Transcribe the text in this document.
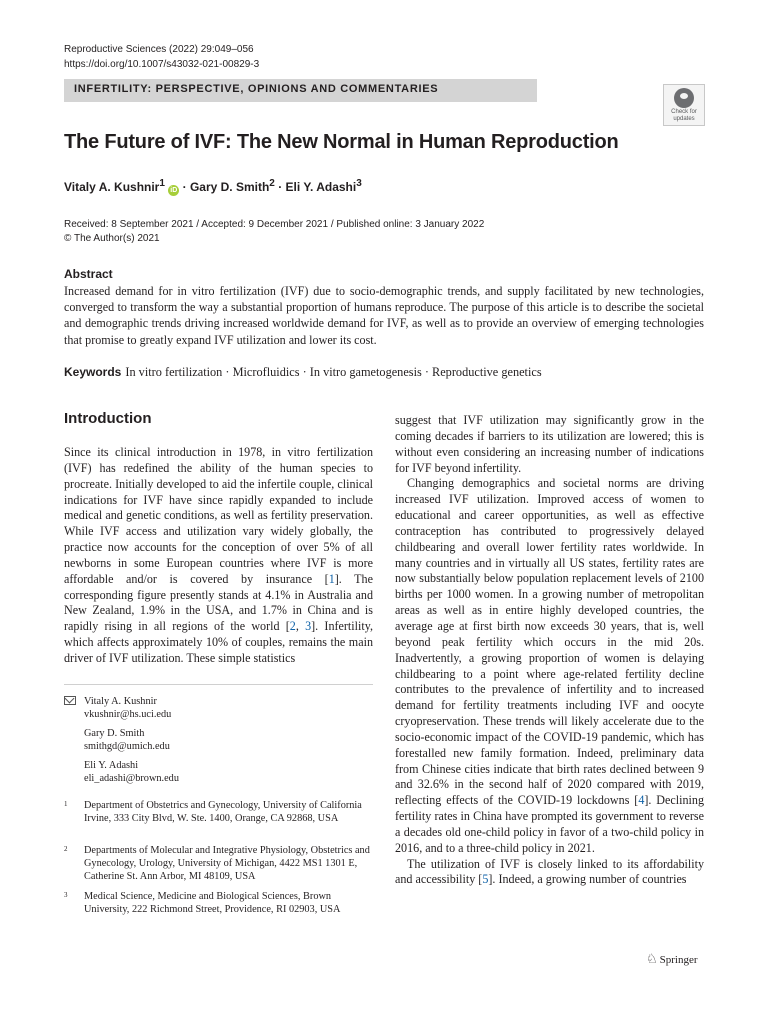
Reproductive Sciences (2022) 29:049–056
https://doi.org/10.1007/s43032-021-00829-3
INFERTILITY: PERSPECTIVE, OPINIONS AND COMMENTARIES
Check for
updates
The Future of IVF: The New Normal in Human Reproduction
Vitaly A. Kushnir$^1$ iD · Gary D. Smith$^2$ · Eli Y. Adashi$^3$
Received: 8 September 2021 / Accepted: 9 December 2021 / Published online: 3 January 2022
© The Author(s) 2021
Abstract

Increased demand for in vitro fertilization (IVF) due to socio-demographic trends, and supply facilitated by new technologies, converged to transform the way a substantial proportion of humans reproduce. The purpose of this article is to describe the societal and demographic trends driving increased worldwide demand for IVF, as well as to provide an overview of emerging technologies that promise to greatly expand IVF utilization and lower its cost.

Keywords In vitro fertilization · Microfluidics · In vitro gametogenesis · Reproductive genetics
Introduction

Since its clinical introduction in 1978, in vitro fertilization (IVF) has redefined the ability of the human species to procreate. Initially developed to aid the infertile couple, clinical indications for IVF have since rapidly expanded to include medical and genetic conditions, as well as fertility preservation. While IVF access and utilization vary widely globally, the practice now accounts for the conception of over 5% of all newborns in some European countries where IVF is more affordable and/or is covered by insurance [1]. The corresponding figure presently stands at 4.1% in Australia and New Zealand, 1.9% in the USA, and 1.7% in China and is rapidly rising in all regions of the world [2, 3]. Infertility, which affects approximately 10% of couples, remains the main driver of IVF utilization. These simple statistics

suggest that IVF utilization may significantly grow in the coming decades if barriers to its utilization are lowered; this is without even considering an increasing number of indications for IVF beyond infertility.

Changing demographics and societal norms are driving increased IVF utilization. Improved access of women to educational and career opportunities, as well as effective contraception has contributed to progressively delayed childbearing and overall lower fertility rates worldwide. In many countries and in virtually all US states, fertility rates are now substantially below population replacement levels of 2100 births per 1000 women. In a growing number of metropolitan areas as well as in entire highly developed countries, the average age at first birth now exceeds 30 years, that is, well beyond peak fertility which occurs in the mid 20s. Inadvertently, a growing proportion of women is delaying childbearing to a point where age-related fertility decline contributes to the prevalence of infertility and to increased demand for fertility treatments including IVF and oocyte cryopreservation. These trends will likely accelerate due to the socio-economic impact of the COVID-19 pandemic, which has forestalled new family formation. Indeed, preliminary data from Chinese cities indicate that birth rates declined between 9 and 32.6% in the second half of 2020 compared with 2019, reflecting effects of the COVID-19 lockdowns [4]. Declining fertility rates in China have prompted its government to reverse a decades old one-child policy in favor of a two-child policy in 2016, and to a three-child policy in 2021.

The utilization of IVF is closely linked to its affordability and accessibility [5]. Indeed, a growing number of countries

Vitaly A. Kushnir
vkushnir@hs.uci.edu
Gary D. Smith
smithgd@umich.edu
Eli Y. Adashi
eli_adashi@brown.edu
1 Department of Obstetrics and Gynecology, University of California Irvine, 333 City Blvd, W. Ste. 1400, Orange, CA 92868, USA
2 Departments of Molecular and Integrative Physiology, Obstetrics and Gynecology, Urology, University of Michigan, 4422 MS1 1301 E, Catherine St. Ann Arbor, MI 48109, USA
3 Medical Science, Medicine and Biological Sciences, Brown University, 222 Richmond Street, Providence, RI 02903, USA
♘ Springer
